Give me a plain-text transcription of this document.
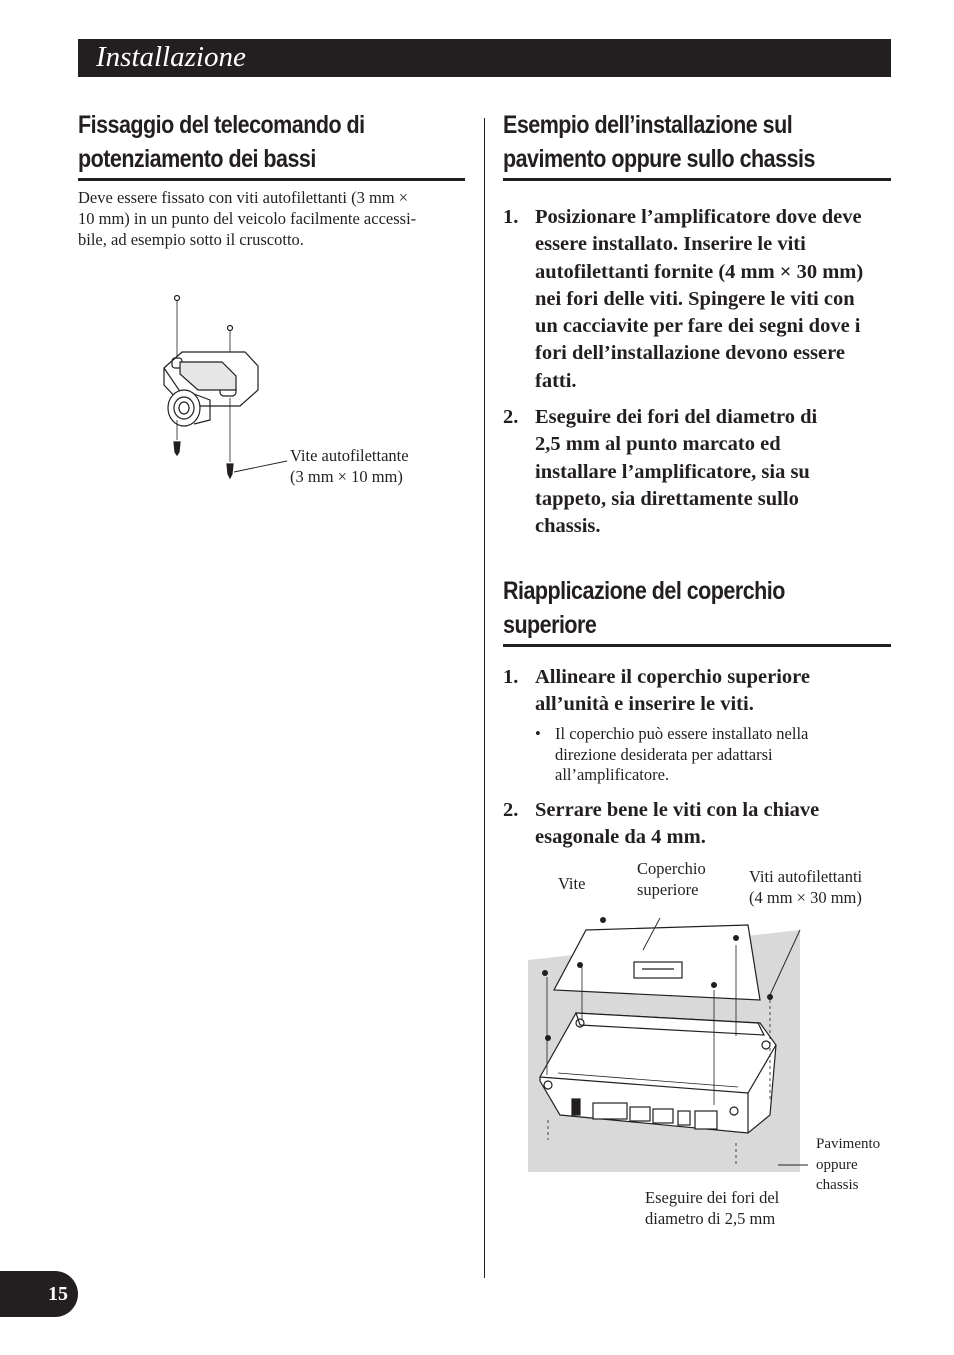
Installazione
Fissaggio del telecomando di
potenziamento dei bassi
Deve essere fissato con viti autofilettanti (3 mm ×
10 mm) in un punto del veicolo facilmente accessi-
bile, ad esempio sotto il cruscotto.
Vite autofilettante
(3 mm × 10 mm)
Esempio dell’installazione sul
pavimento oppure sullo chassis
1. Posizionare l’amplificatore dove deve
essere installato. Inserire le viti
autofilettanti fornite (4 mm × 30 mm)
nei fori delle viti. Spingere le viti con
un cacciavite per fare dei segni dove i
fori dell’installazione devono essere
fatti.
2. Eseguire dei fori del diametro di
2,5 mm al punto marcato ed
installare l’amplificatore, sia su
tappeto, sia direttamente sullo
chassis.
Riapplicazione del coperchio
superiore
1. Allineare il coperchio superiore
all’unità e inserire le viti.
• Il coperchio può essere installato nella
direzione desiderata per adattarsi
all’amplificatore.
2. Serrare bene le viti con la chiave
esagonale da 4 mm.
Vite
Coperchio
superiore
Viti autofilettanti
(4 mm × 30 mm)
Pavimento
oppure
chassis
Eseguire dei fori del
diametro di 2,5 mm
15
